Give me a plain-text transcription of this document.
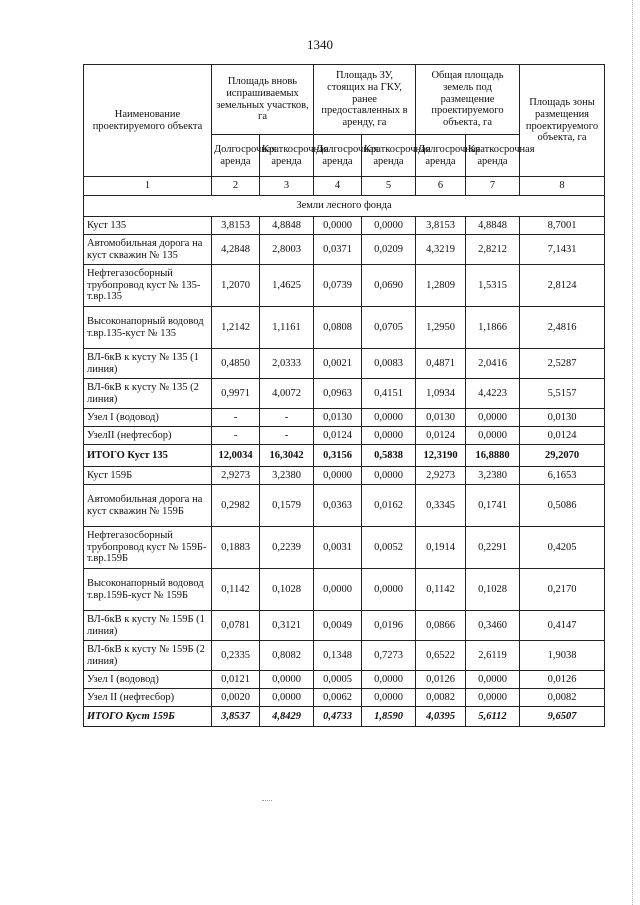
1340
Наименование проектируемого объекта	Площадь вновь испрашиваемых земельных участков, га		Площадь ЗУ, стоящих на ГКУ, ранее предоставленных в аренду, га		Общая площадь земель под размещение проектируемого объекта, га		Площадь зоны размещения проектируемого объекта, га
	Долгосрочная аренда	Краткосрочная аренда	Долгосрочная аренда	Краткосрочная аренда	Долгосрочная аренда	Краткосрочная аренда	
1	2	3	4	5	6	7	8
Земли лесного фонда							
Куст 135	3,8153	4,8848	0,0000	0,0000	3,8153	4,8848	8,7001
Автомобильная дорога на куст скважин № 135	4,2848	2,8003	0,0371	0,0209	4,3219	2,8212	7,1431
Нефтегазосборный трубопровод куст № 135-т.вр.135	1,2070	1,4625	0,0739	0,0690	1,2809	1,5315	2,8124
Высоконапорный водовод т.вр.135-куст № 135	1,2142	1,1161	0,0808	0,0705	1,2950	1,1866	2,4816
ВЛ-6кВ к кусту № 135 (1 линия)	0,4850	2,0333	0,0021	0,0083	0,4871	2,0416	2,5287
ВЛ-6кВ к кусту № 135 (2 линия)	0,9971	4,0072	0,0963	0,4151	1,0934	4,4223	5,5157
Узел I (водовод)	-	-	0,0130	0,0000	0,0130	0,0000	0,0130
УзелII (нефтесбор)	-	-	0,0124	0,0000	0,0124	0,0000	0,0124
ИТОГО Куст 135	12,0034	16,3042	0,3156	0,5838	12,3190	16,8880	29,2070
Куст 159Б	2,9273	3,2380	0,0000	0,0000	2,9273	3,2380	6,1653
Автомобильная дорога на куст скважин № 159Б	0,2982	0,1579	0,0363	0,0162	0,3345	0,1741	0,5086
Нефтегазосборный трубопровод куст № 159Б-т.вр.159Б	0,1883	0,2239	0,0031	0,0052	0,1914	0,2291	0,4205
Высоконапорный водовод т.вр.159Б-куст № 159Б	0,1142	0,1028	0,0000	0,0000	0,1142	0,1028	0,2170
ВЛ-6кВ к кусту № 159Б (1 линия)	0,0781	0,3121	0,0049	0,0196	0,0866	0,3460	0,4147
ВЛ-6кВ к кусту № 159Б (2 линия)	0,2335	0,8082	0,1348	0,7273	0,6522	2,6119	1,9038
Узел I (водовод)	0,0121	0,0000	0,0005	0,0000	0,0126	0,0000	0,0126
Узел II (нефтесбор)	0,0020	0,0000	0,0062	0,0000	0,0082	0,0000	0,0082
ИТОГО Куст 159Б	3,8537	4,8429	0,4733	1,8590	4,0395	5,6112	9,6507
